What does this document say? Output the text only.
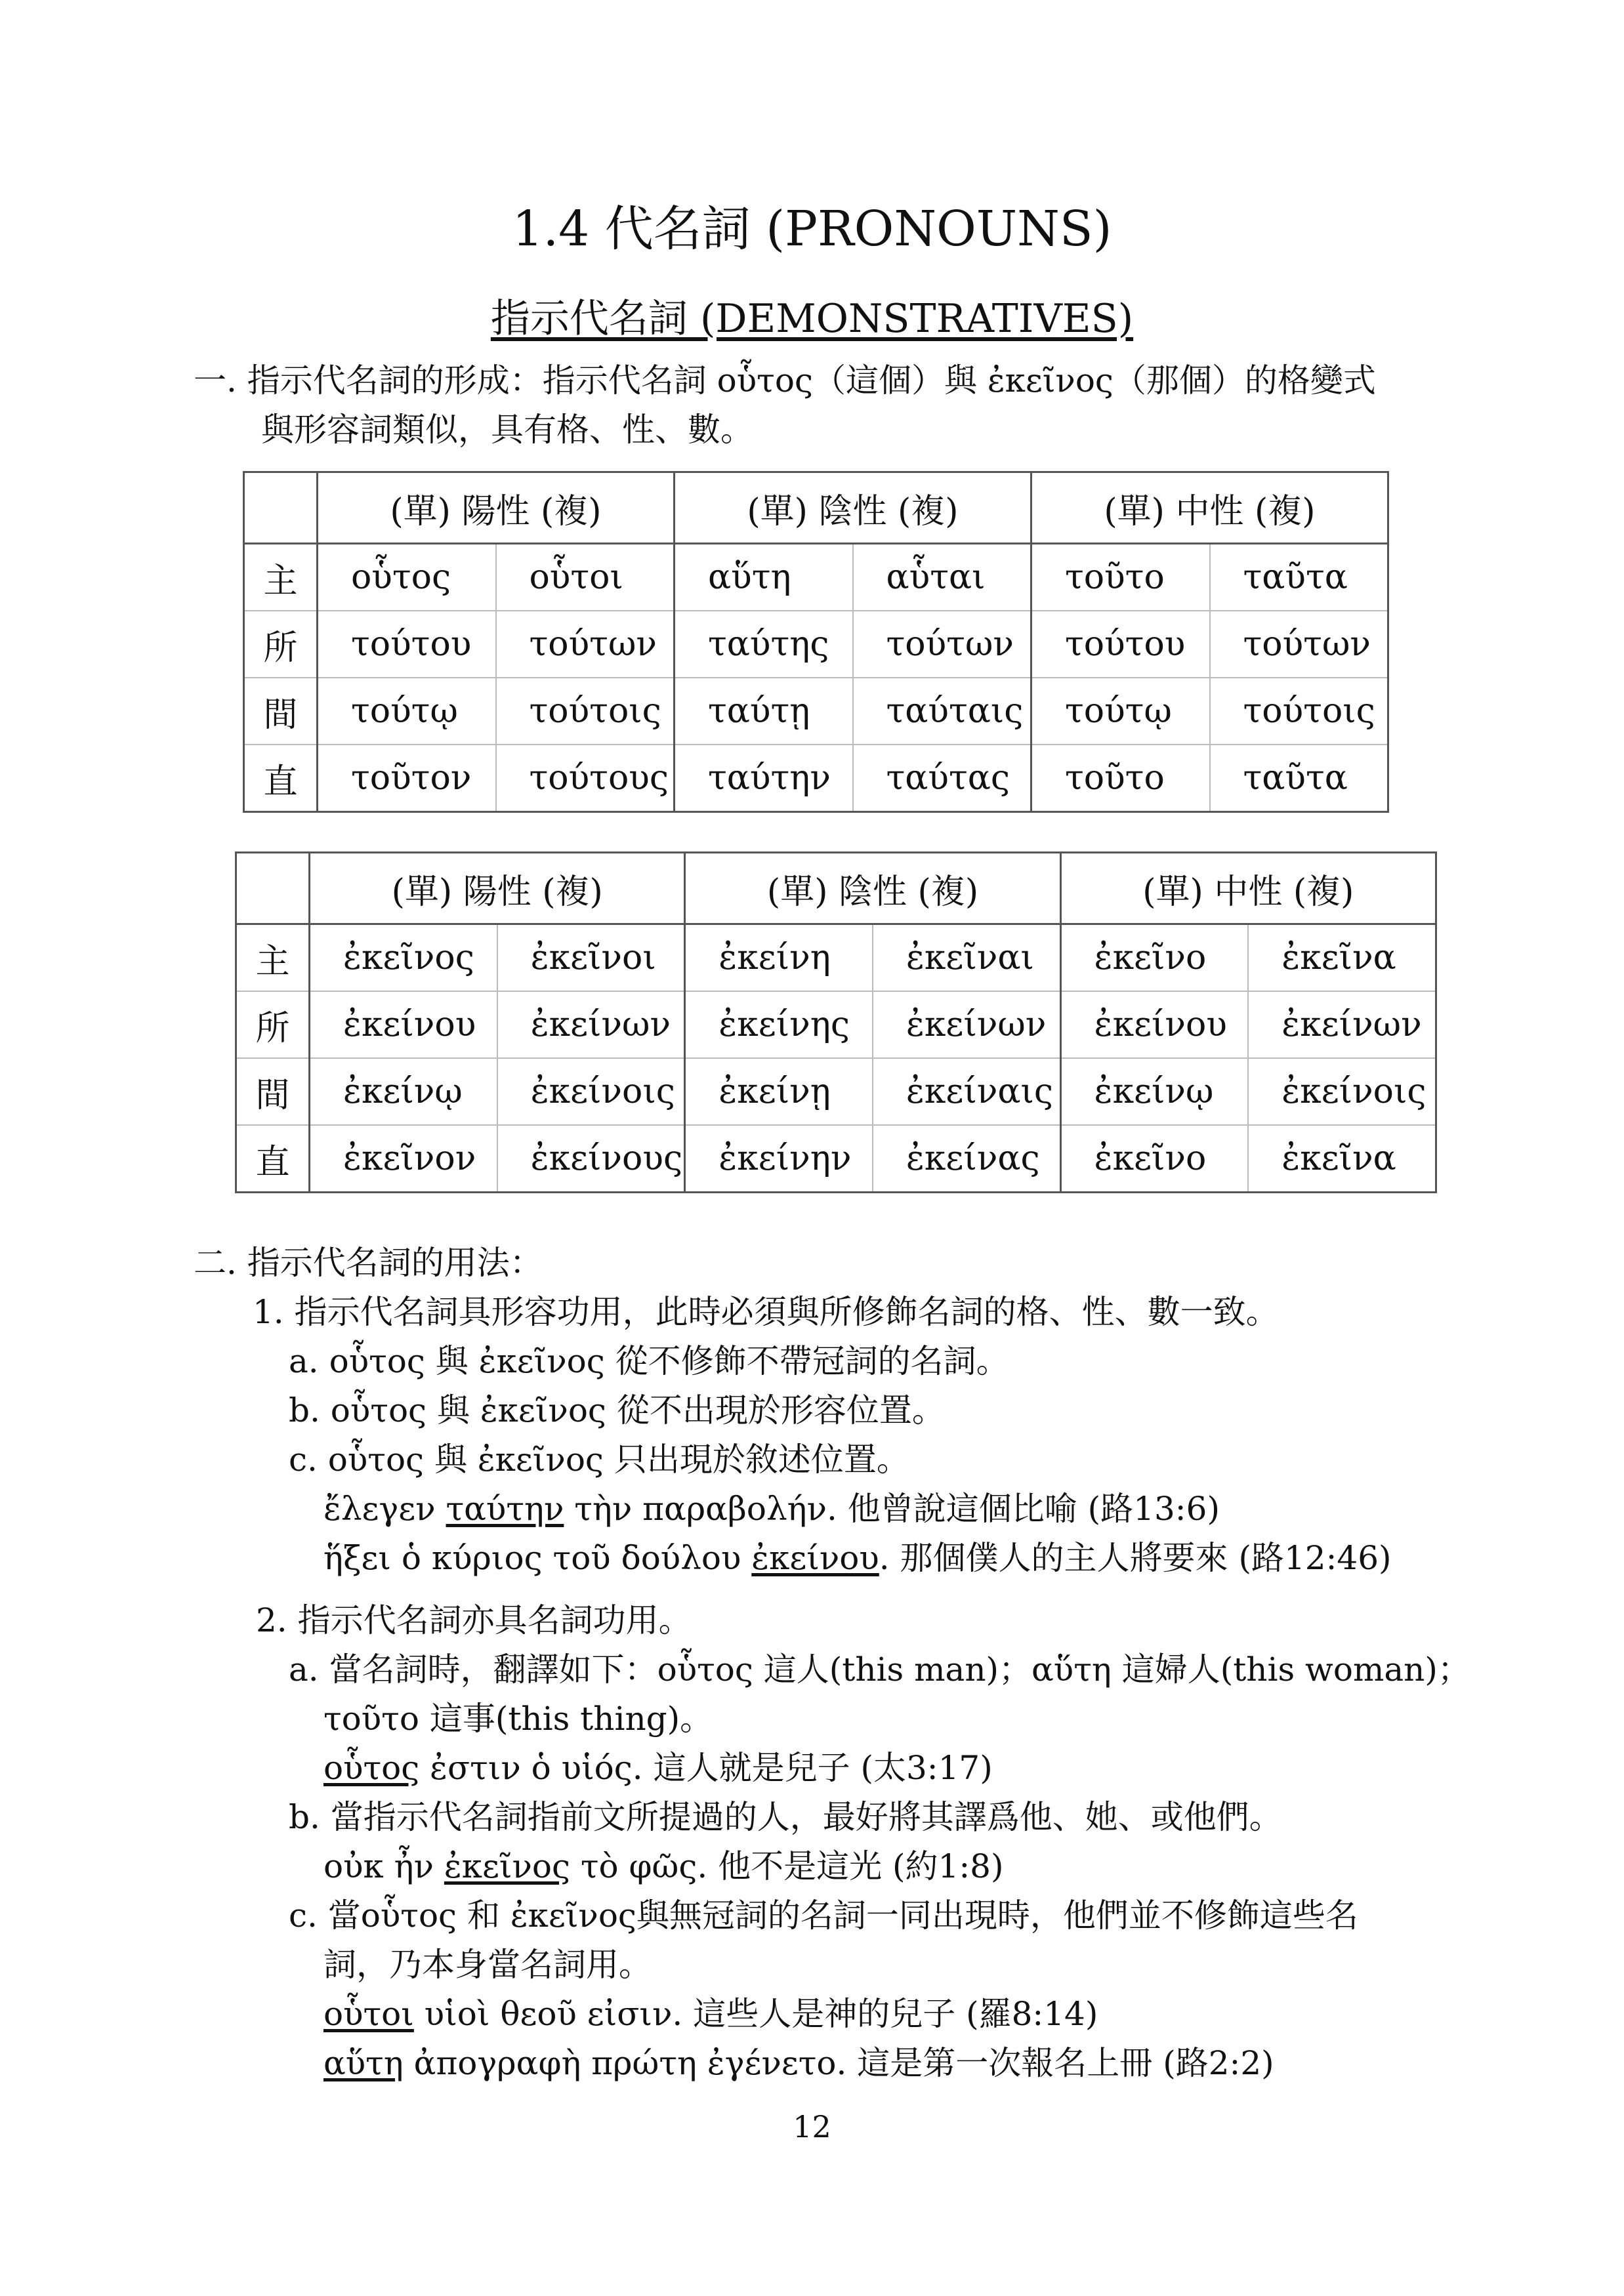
1.4 代名詞 (PRONOUNS)
指示代名詞 (DEMONSTRATIVES)
一. 指示代名詞的形成：指示代名詞 οὗτος（這個）與 ἐκεῖνος（那個）的格變式
與形容詞類似，具有格、性、數。
	(單) 陽性 (複)		(單) 陰性 (複)		(單) 中性 (複)	
主	οὗτος	οὗτοι	αὕτη	αὗται	τοῦτο	ταῦτα
所	τούτου	τούτων	ταύτης	τούτων	τούτου	τούτων
間	τούτῳ	τούτοις	ταύτῃ	ταύταις	τούτῳ	τούτοις
直	τοῦτον	τούτους	ταύτην	ταύτας	τοῦτο	ταῦτα
	(單) 陽性 (複)		(單) 陰性 (複)		(單) 中性 (複)	
主	ἐκεῖνος	ἐκεῖνοι	ἐκείνη	ἐκεῖναι	ἐκεῖνο	ἐκεῖνα
所	ἐκείνου	ἐκείνων	ἐκείνης	ἐκείνων	ἐκείνου	ἐκείνων
間	ἐκείνῳ	ἐκείνοις	ἐκείνῃ	ἐκείναις	ἐκείνῳ	ἐκείνοις
直	ἐκεῖνον	ἐκείνους	ἐκείνην	ἐκείνας	ἐκεῖνο	ἐκεῖνα
二. 指示代名詞的用法：
1. 指示代名詞具形容功用，此時必須與所修飾名詞的格、性、數一致。
a. οὗτος 與 ἐκεῖνος 從不修飾不帶冠詞的名詞。
b. οὗτος 與 ἐκεῖνος 從不出現於形容位置。
c. οὗτος 與 ἐκεῖνος 只出現於敘述位置。
ἔλεγεν ταύτην τὴν παραβολήν. 他曾說這個比喻 (路13:6)
ἥξει ὁ κύριος τοῦ δούλου ἐκείνου. 那個僕人的主人將要來 (路12:46)
2. 指示代名詞亦具名詞功用。
a. 當名詞時，翻譯如下：οὗτος 這人(this man)；αὕτη 這婦人(this woman)；
τοῦτο 這事(this thing)。
οὗτος ἐστιν ὁ υἱός. 這人就是兒子 (太3:17)
b. 當指示代名詞指前文所提過的人，最好將其譯爲他、她、或他們。
οὐκ ἦν ἐκεῖνος τὸ φῶς. 他不是這光 (約1:8)
c. 當οὗτος 和 ἐκεῖνος與無冠詞的名詞一同出現時，他們並不修飾這些名
詞，乃本身當名詞用。
οὗτοι υἱοὶ θεοῦ εἰσιν. 這些人是神的兒子 (羅8:14)
αὕτη ἀπογραφὴ πρώτη ἐγένετο. 這是第一次報名上冊 (路2:2)
12
